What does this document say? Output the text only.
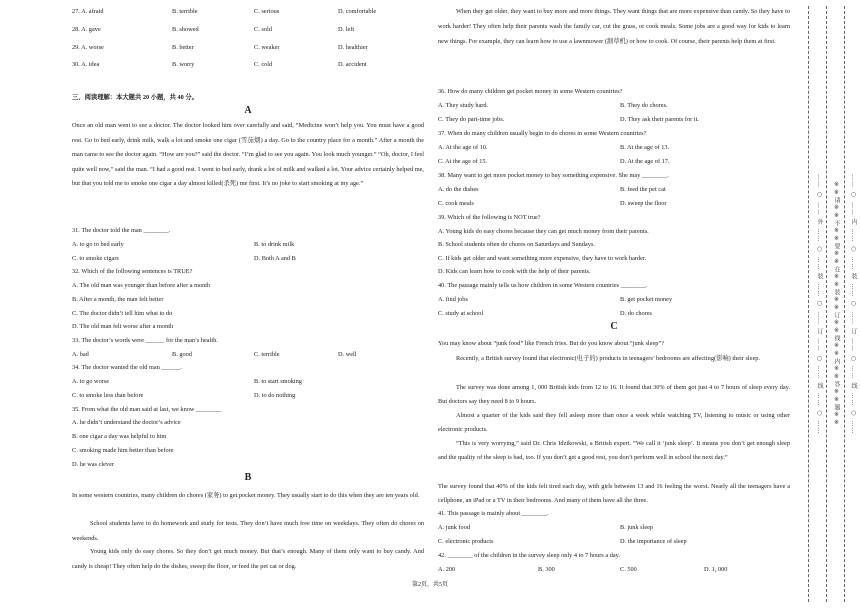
27. A. afraid	B. terrible	C. serious	D. comfortable
28. A. gave	B. showed	C. sold	D. left
29. A. worse	B. better	C. weaker	D. healthier
30. A. idea	B. worry	C. cold	D. accident
三、阅读理解：本大题共 20 小题，共 40 分。
A
Once an old man went to see a doctor. The doctor looked him over carefully and said, “Medicine won’t help you. You must have a good rest. Go to bed early, drink milk, walk a lot and smoke one cigar (雪茄烟) a day. Go to the country place for a month.” After a month the man came to see the doctor again. “How are you?” said the doctor. “I’m glad to see you again. You look much younger.” “Oh, doctor, I feel quite well now,” said the man. “I had a good rest. I went to bed early, drank a lot of milk and walked a lot. Your advice certainly helped me, but that you told me to smoke one cigar a day almost killed(杀死) me first. It’s no joke to start smoking at my age.”
31. The doctor told the man ________.
A. to go to bed early	B. to drink milk
C. to smoke cigars	D. Both A and B
32. Which of the following sentences is TRUE?
A. The old man was younger than before after a month
B. After a month, the man felt better
C. The doctor didn’t tell him what to do
D. The old man felt worse after a month
33. The doctor’s words were ______ for the man’s health.
A. bad	B. good	C. terrible	D. well
34. The doctor wanted the old man ______.
A. to go worse	B. to start smoking
C. to smoke less than before	D. to do nothing
35. From what the old man said at last, we know ________
A. he didn’t understand the doctor’s advice
B. one cigar a day was helpful to him
C. smoking made him better than before
D. he was clever
B
In some western countries, many children do chores (家务) to get pocket money. They usually start to do this when they are ten years old.
School students have to do homework and study for tests. They don’t have much free time on weekdays. They often do chores on weekends.
Young kids only do easy chores. So they don’t get much money. But that’s enough. Many of them only want to buy candy. And candy is cheap! They often help do the dishes, sweep the floor, or feed the pet cat or dog.
When they get older, they want to buy more and more things. They want things that are more expensive than candy. So they have to work harder! They often help their parents wash the family car, cut the grass, or cook meals. Some jobs are a good way for kids to learn new things. For example, they can learn how to use a lawnmower (割草机) or how to cook. Of course, their parents help them at first.
36. How do many children get pocket money in some Western countries?
A. They study hard.	B. They do chores.
C. They do part-time jobs.	D. They ask their parents for it.
37. When do many children usually begin to do chores in some Western countries?
A. At the age of 10.	B. At the age of 13.
C. At the age of 15.	D. At the age of 17.
38. Many want to get more pocket money to buy something expensive. She may ________.
A. do the dishes	B. feed the pet cat
C. cook meals	D. sweep the floor
39. Which of the following is NOT true?
A. Young kids do easy chores because they can get much money from their parents.
B. School students often do chores on Saturdays and Sundays.
C. If kids get older and want something more expensive, they have to work harder.
D. Kids can learn how to cook with the help of their parents.
40. The passage mainly tells us how children in some Western countries ________.
A. find jobs	B. get pocket money
C. study at school	D. do chores
C
You may know about “junk food” like French fries. But do you know about “junk sleep”?
Recently, a British survey found that electronic(电子的) products in teenagers’ bedrooms are affecting(影响) their sleep.
The survey was done among 1, 000 British kids from 12 to 16. It found that 30% of them got just 4 to 7 hours of sleep every day. But doctors say they need 8 to 9 hours.
Almost a quarter of the kids said they fell asleep more than once a week while watching TV, listening to music or using other electronic products.
“This is very worrying,” said Dr. Chris Idzikowski, a British expert. “We call it ‘junk sleep’. It means you don’t get enough sleep and the quality of the sleep is bad, too. If you don’t get a good rest, you don’t perform well in school the next day.”
The survey found that 40% of the kids felt tired each day, with girls between 13 and 16 feeling the worst. Nearly all the teenagers have a cellphone, an iPad or a TV in their bedrooms. And many of them have all the three.
41. This passage is mainly about ________.
A. junk food	B. junk sleep
C. electronic products	D. the importance of sleep
42. ________ of the children in the survey sleep only 4 to 7 hours a day.
A. 200	B. 300	C. 500	D. 1, 000
第2页，共5页
…… ○ …… 外 …… ○ …… 装 …… ○ …… 订 …… ○ …… 线 …… ○ ……	※※请※※不※※要※※在※※装※※订※※线※※内※※答※※题※※	…… ○ …… 内 …… ○ …… 装 …… ○ …… 订 …… ○ …… 线 …… ○ ……
